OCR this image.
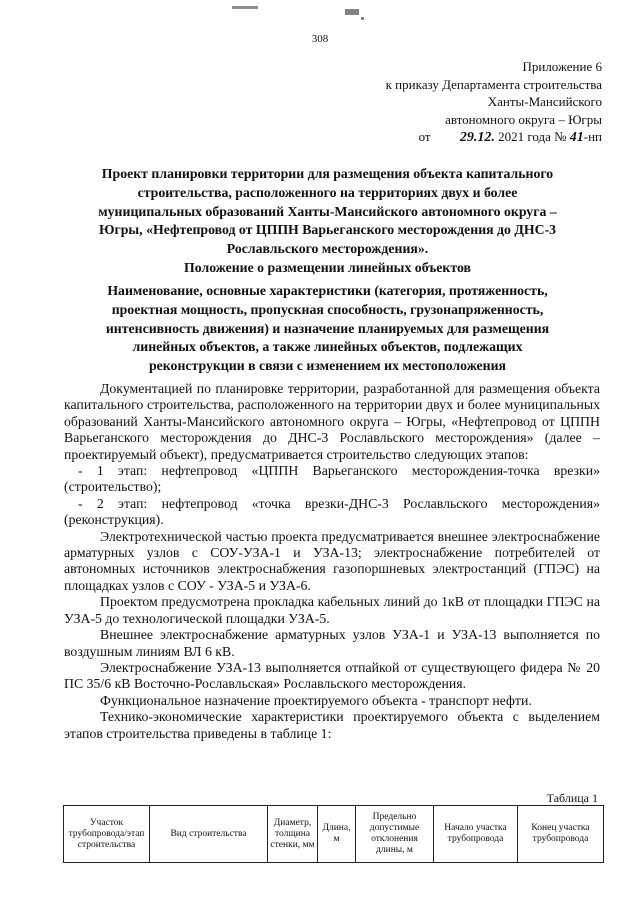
308
Приложение 6
к приказу Департамента строительства
Ханты-Мансийского
автономного округа – Югры
от 29.12. 2021 года № 41-нп
Проект планировки территории для размещения объекта капитального
строительства, расположенного на территориях двух и более
муниципальных образований Ханты-Мансийского автономного округа –
Югры, «Нефтепровод от ЦППН Варьеганского месторождения до ДНС-3
Рославльского месторождения».
Положение о размещении линейных объектов
Наименование, основные характеристики (категория, протяженность,
проектная мощность, пропускная способность, грузонапряженность,
интенсивность движения) и назначение планируемых для размещения
линейных объектов, а также линейных объектов, подлежащих
реконструкции в связи с изменением их местоположения

Документацией по планировке территории, разработанной для размещения объекта капитального строительства, расположенного на территории двух и более муниципальных образований Ханты-Мансийского автономного округа – Югры, «Нефтепровод от ЦППН Варьеганского месторождения до ДНС-3 Рославльского месторождения» (далее – проектируемый объект), предусматривается строительство следующих этапов:

- 1 этап: нефтепровод «ЦППН Варьеганского месторождения-точка врезки» (строительство);

- 2 этап: нефтепровод «точка врезки-ДНС-3 Рославльского месторождения» (реконструкция).

Электротехнической частью проекта предусматривается внешнее электроснабжение арматурных узлов с СОУ-УЗА-1 и УЗА-13; электроснабжение потребителей от автономных источников электроснабжения газопоршневых электростанций (ГПЭС) на площадках узлов с СОУ - УЗА-5 и УЗА-6.

Проектом предусмотрена прокладка кабельных линий до 1кВ от площадки ГПЭС на УЗА-5 до технологической площадки УЗА-5.

Внешнее электроснабжение арматурных узлов УЗА-1 и УЗА-13 выполняется по воздушным линиям ВЛ 6 кВ.

Электроснабжение УЗА-13 выполняется отпайкой от существующего фидера № 20 ПС 35/6 кВ Восточно-Рославльская» Рославльского месторождения.

Функциональное назначение проектируемого объекта - транспорт нефти.

Технико-экономические характеристики проектируемого объекта с выделением этапов строительства приведены в таблице 1:

Таблица 1
Участок трубопровода/этап строительства	Вид строительства	Диаметр, толщина стенки, мм	Длина, м	Предельно допустимые отклонения длины, м	Начало участка трубопровода	Конец участка трубопровода
